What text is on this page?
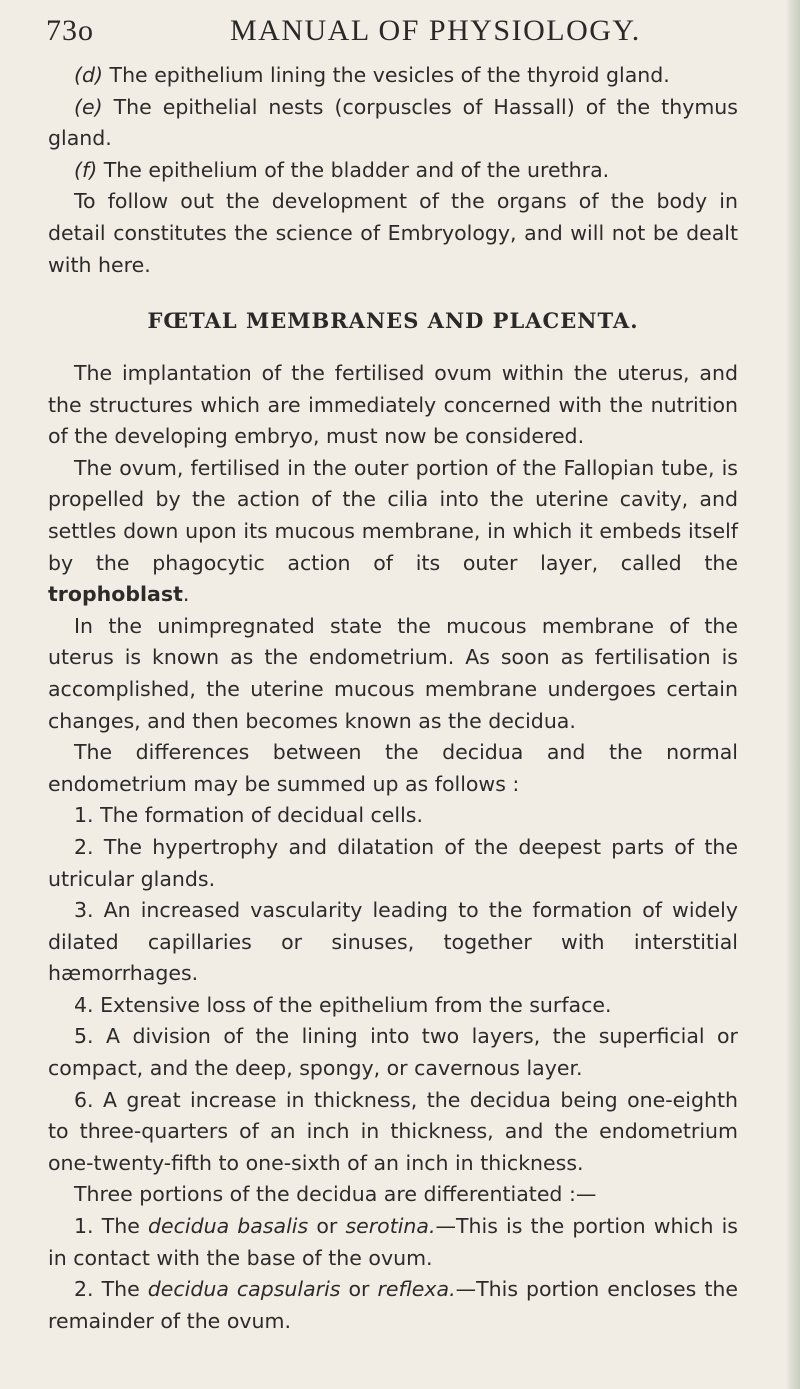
73o	MANUAL OF PHYSIOLOGY.

(d) The epithelium lining the vesicles of the thyroid gland.

(e) The epithelial nests (corpuscles of Hassall) of the thymus gland.

(f) The epithelium of the bladder and of the urethra.

To follow out the development of the organs of the body in detail constitutes the science of Embryology, and will not be dealt with here.

FŒTAL MEMBRANES AND PLACENTA.

The implantation of the fertilised ovum within the uterus, and the structures which are immediately concerned with the nutrition of the developing embryo, must now be considered.

The ovum, fertilised in the outer portion of the Fallopian tube, is propelled by the action of the cilia into the uterine cavity, and settles down upon its mucous membrane, in which it embeds itself by the phagocytic action of its outer layer, called the trophoblast.

In the unimpregnated state the mucous membrane of the uterus is known as the endometrium. As soon as fertilisation is accomplished, the uterine mucous membrane undergoes certain changes, and then becomes known as the decidua.

The differences between the decidua and the normal endometrium may be summed up as follows :

1. The formation of decidual cells.

2. The hypertrophy and dilatation of the deepest parts of the utricular glands.

3. An increased vascularity leading to the formation of widely dilated capillaries or sinuses, together with interstitial hæmorrhages.

4. Extensive loss of the epithelium from the surface.

5. A division of the lining into two layers, the superficial or compact, and the deep, spongy, or cavernous layer.

6. A great increase in thickness, the decidua being one-eighth to three-quarters of an inch in thickness, and the endometrium one-twenty-fifth to one-sixth of an inch in thickness.

Three portions of the decidua are differentiated :—

1. The decidua basalis or serotina.—This is the portion which is in contact with the base of the ovum.

2. The decidua capsularis or reflexa.—This portion encloses the remainder of the ovum.
